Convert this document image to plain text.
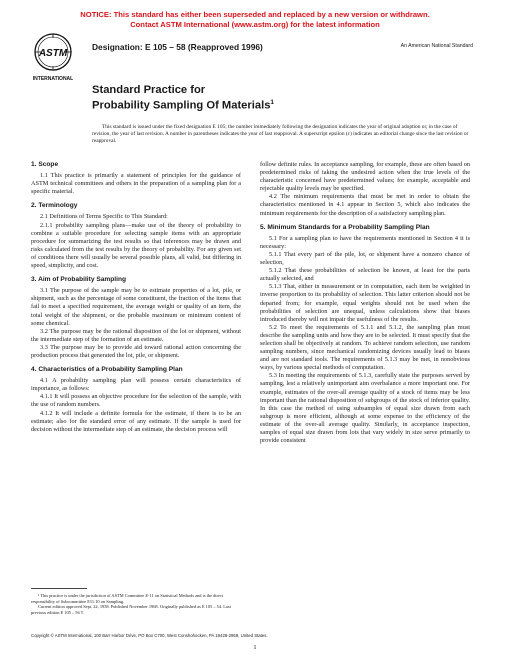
NOTICE: This standard has either been superseded and replaced by a new version or withdrawn.
Contact ASTM International (www.astm.org) for the latest information
ASTM
INTERNATIONAL
Designation: E 105 – 58 (Reapproved 1996)	An American National Standard
Standard Practice for
Probability Sampling Of Materials$^1$
This standard is issued under the fixed designation E 105; the number immediately following the designation indicates the year of original adoption or, in the case of revision, the year of last revision. A number in parentheses indicates the year of last reapproval. A superscript epsilon (ε) indicates an editorial change since the last revision or reapproval.
1. Scope

1.1 This practice is primarily a statement of principles for the guidance of ASTM technical committees and others in the preparation of a sampling plan for a specific material.

2. Terminology

2.1 Definitions of Terms Specific to This Standard:

2.1.1 probability sampling plans—make use of the theory of probability to combine a suitable procedure for selecting sample items with an appropriate procedure for summarizing the test results so that inferences may be drawn and risks calculated from the test results by the theory of probability. For any given set of conditions there will usually be several possible plans, all valid, but differing in speed, simplicity, and cost.

3. Aim of Probability Sampling

3.1 The purpose of the sample may be to estimate properties of a lot, pile, or shipment, such as the percentage of some constituent, the fraction of the items that fail to meet a specified requirement, the average weight or quality of an item, the total weight of the shipment, or the probable maximum or minimum content of some chemical.

3.2 The purpose may be the rational disposition of the lot or shipment, without the intermediate step of the formation of an estimate.

3.3 The purpose may be to provide aid toward rational action concerning the production process that generated the lot, pile, or shipment.

4. Characteristics of a Probability Sampling Plan

4.1 A probability sampling plan will possess certain characteristics of importance, as follows:

4.1.1 It will possess an objective procedure for the selection of the sample, with the use of random numbers.

4.1.2 It will include a definite formula for the estimate, if there is to be an estimate; also for the standard error of any estimate. If the sample is used for decision without the intermediate step of an estimate, the decision process will

follow definite rules. In acceptance sampling, for example, these are often based on predetermined risks of taking the undesired action when the true levels of the characteristic concerned have predetermined values; for example, acceptable and rejectable quality levels may be specified.

4.2 The minimum requirements that must be met in order to obtain the characteristics mentioned in 4.1 appear in Section 5, which also indicates the minimum requirements for the description of a satisfactory sampling plan.

5. Minimum Standards for a Probability Sampling Plan

5.1 For a sampling plan to have the requirements mentioned in Section 4 it is necessary:

5.1.1 That every part of the pile, lot, or shipment have a nonzero chance of selection,

5.1.2 That these probabilities of selection be known, at least for the parts actually selected, and

5.1.3 That, either in measurement or in computation, each item be weighted in inverse proportion to its probability of selection. This latter criterion should not be departed from; for example, equal weights should not be used when the probabilities of selection are unequal, unless calculations show that biases introduced thereby will not impair the usefulness of the results.

5.2 To meet the requirements of 5.1.1 and 5.1.2, the sampling plan must describe the sampling units and how they are to be selected. It must specify that the selection shall be objectively at random. To achieve random selection, use random sampling numbers, since mechanical randomizing devices usually lead to biases and are not standard tools. The requirements of 5.1.3 may be met, in nonobvious ways, by various special methods of computation.

5.3 In meeting the requirements of 5.1.3, carefully state the purposes served by sampling, lest a relatively unimportant aim overbalance a more important one. For example, estimates of the over-all average quality of a stock of items may be less important than the rational disposition of subgroups of the stock of inferior quality. In this case the method of using subsamples of equal size drawn from each subgroup is more efficient, although at some expense to the efficiency of the estimate of the over-all average quality. Similarly, in acceptance inspection, samples of equal size drawn from lots that vary widely in size serve primarily to provide consistent

¹ This practice is under the jurisdiction of ASTM Committee E-11 on Statistical Methods and is the direct responsibility of Subcommittee E11.10 on Sampling.

Current edition approved Sept. 22, 1958. Published November 1968. Originally published as E 105 – 54. Last previous edition E 105 – 56 T.

Copyright © ASTM International, 100 Barr Harbor Drive, PO Box C700, West Conshohocken, PA 19428-2959, United States.
1
